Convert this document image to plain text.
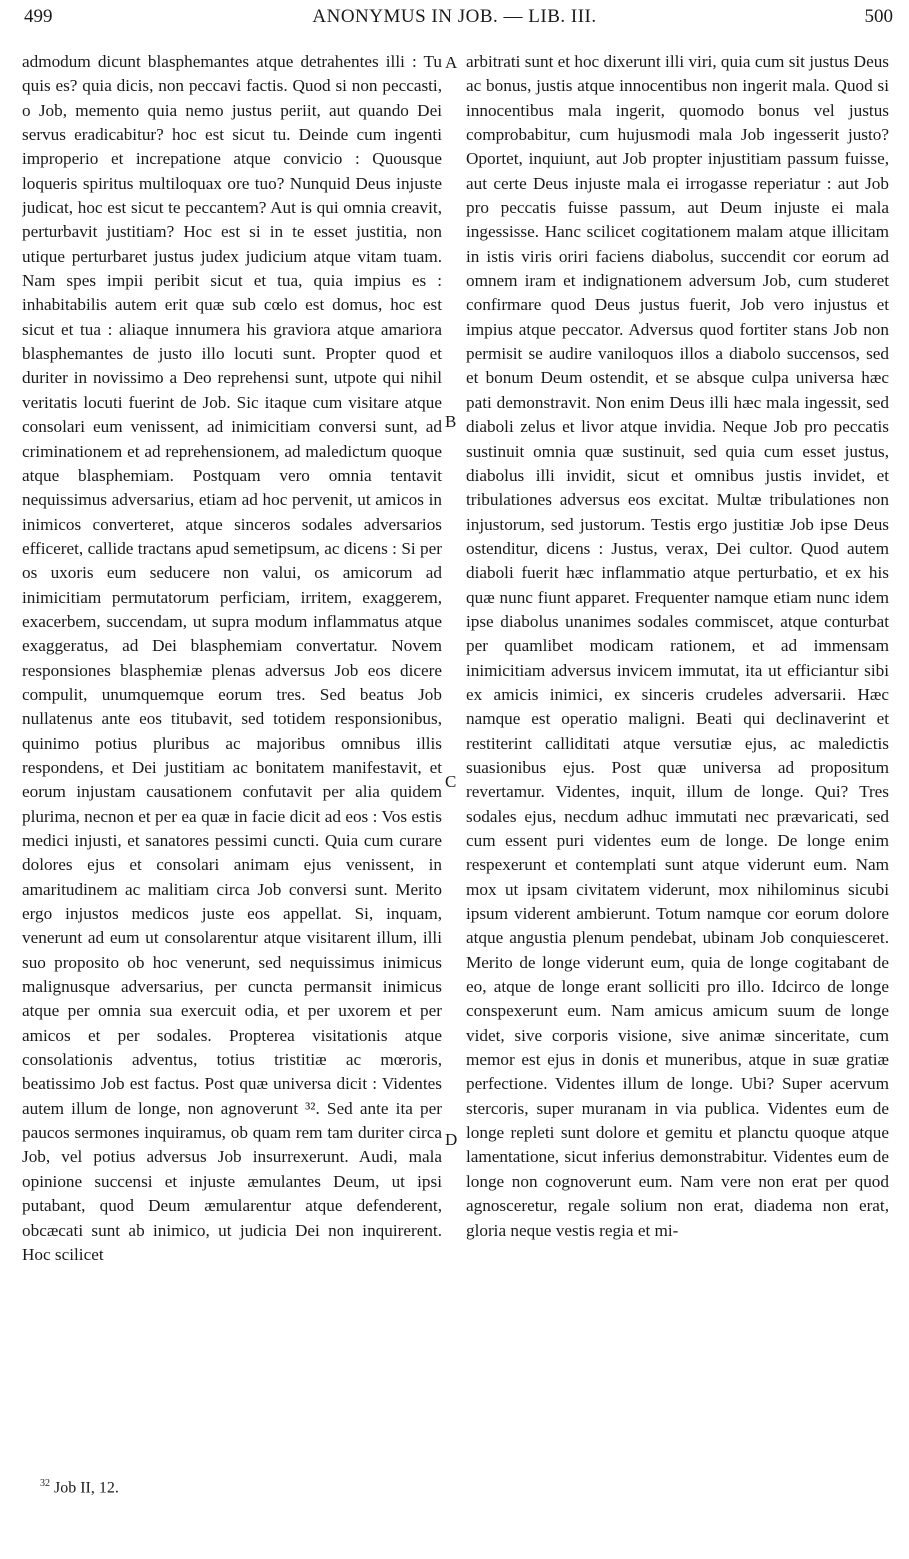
499	ANONYMUS IN JOB. — LIB. III.	500

admodum dicunt blasphemantes atque detrahentes illi : Tu quis es? quia dicis, non peccavi factis. Quod si non peccasti, o Job, memento quia nemo justus periit, aut quando Dei servus eradicabitur? hoc est sicut tu. Deinde cum ingenti improperio et increpatione atque convicio : Quousque loqueris spiritus multiloquax ore tuo? Nunquid Deus injuste judicat, hoc est sicut te peccantem? Aut is qui omnia creavit, perturbavit justitiam? Hoc est si in te esset justitia, non utique perturbaret justus judex judicium atque vitam tuam. Nam spes impii peribit sicut et tua, quia impius es : inhabitabilis autem erit quæ sub cœlo est domus, hoc est sicut et tua : aliaque innumera his graviora atque amariora blasphemantes de justo illo locuti sunt. Propter quod et duriter in novissimo a Deo reprehensi sunt, utpote qui nihil veritatis locuti fuerint de Job. Sic itaque cum visitare atque consolari eum venissent, ad inimicitiam conversi sunt, ad criminationem et ad reprehensionem, ad maledictum quoque atque blasphemiam. Postquam vero omnia tentavit nequissimus adversarius, etiam ad hoc pervenit, ut amicos in inimicos converteret, atque sinceros sodales adversarios efficeret, callide tractans apud semetipsum, ac dicens : Si per os uxoris eum seducere non valui, os amicorum ad inimicitiam permutatorum perficiam, irritem, exaggerem, exacerbem, succendam, ut supra modum inflammatus atque exaggeratus, ad Dei blasphemiam convertatur. Novem responsiones blasphemiæ plenas adversus Job eos dicere compulit, unumquemque eorum tres. Sed beatus Job nullatenus ante eos titubavit, sed totidem responsionibus, quinimo potius pluribus ac majoribus omnibus illis respondens, et Dei justitiam ac bonitatem manifestavit, et eorum injustam causationem confutavit per alia quidem plurima, necnon et per ea quæ in facie dicit ad eos : Vos estis medici injusti, et sanatores pessimi cuncti. Quia cum curare dolores ejus et consolari animam ejus venissent, in amaritudinem ac malitiam circa Job conversi sunt. Merito ergo injustos medicos juste eos appellat. Si, inquam, venerunt ad eum ut consolarentur atque visitarent illum, illi suo proposito ob hoc venerunt, sed nequissimus inimicus malignusque adversarius, per cuncta permansit inimicus atque per omnia sua exercuit odia, et per uxorem et per amicos et per sodales. Propterea visitationis atque consolationis adventus, totius tristitiæ ac mœroris, beatissimo Job est factus. Post quæ universa dicit : Videntes autem illum de longe, non agnoverunt ³². Sed ante ita per paucos sermones inquiramus, ob quam rem tam duriter circa Job, vel potius adversus Job insurrexerunt. Audi, mala opinione succensi et injuste æmulantes Deum, ut ipsi putabant, quod Deum æmularentur atque defenderent, obcæcati sunt ab inimico, ut judicia Dei non inquirerent. Hoc scilicet

A
B
C
D

arbitrati sunt et hoc dixerunt illi viri, quia cum sit justus Deus ac bonus, justis atque innocentibus non ingerit mala. Quod si innocentibus mala ingerit, quomodo bonus vel justus comprobabitur, cum hujusmodi mala Job ingesserit justo? Oportet, inquiunt, aut Job propter injustitiam passum fuisse, aut certe Deus injuste mala ei irrogasse reperiatur : aut Job pro peccatis fuisse passum, aut Deum injuste ei mala ingessisse. Hanc scilicet cogitationem malam atque illicitam in istis viris oriri faciens diabolus, succendit cor eorum ad omnem iram et indignationem adversum Job, cum studeret confirmare quod Deus justus fuerit, Job vero injustus et impius atque peccator. Adversus quod fortiter stans Job non permisit se audire vaniloquos illos a diabolo succensos, sed et bonum Deum ostendit, et se absque culpa universa hæc pati demonstravit. Non enim Deus illi hæc mala ingessit, sed diaboli zelus et livor atque invidia. Neque Job pro peccatis sustinuit omnia quæ sustinuit, sed quia cum esset justus, diabolus illi invidit, sicut et omnibus justis invidet, et tribulationes adversus eos excitat. Multæ tribulationes non injustorum, sed justorum. Testis ergo justitiæ Job ipse Deus ostenditur, dicens : Justus, verax, Dei cultor. Quod autem diaboli fuerit hæc inflammatio atque perturbatio, et ex his quæ nunc fiunt apparet. Frequenter namque etiam nunc idem ipse diabolus unanimes sodales commiscet, atque conturbat per quamlibet modicam rationem, et ad immensam inimicitiam adversus invicem immutat, ita ut efficiantur sibi ex amicis inimici, ex sinceris crudeles adversarii. Hæc namque est operatio maligni. Beati qui declinaverint et restiterint calliditati atque versutiæ ejus, ac maledictis suasionibus ejus. Post quæ universa ad propositum revertamur. Videntes, inquit, illum de longe. Qui? Tres sodales ejus, necdum adhuc immutati nec prævaricati, sed cum essent puri videntes eum de longe. De longe enim respexerunt et contemplati sunt atque viderunt eum. Nam mox ut ipsam civitatem viderunt, mox nihilominus sicubi ipsum viderent ambierunt. Totum namque cor eorum dolore atque angustia plenum pendebat, ubinam Job conquiesceret. Merito de longe viderunt eum, quia de longe cogitabant de eo, atque de longe erant solliciti pro illo. Idcirco de longe conspexerunt eum. Nam amicus amicum suum de longe videt, sive corporis visione, sive animæ sinceritate, cum memor est ejus in donis et muneribus, atque in suæ gratiæ perfectione. Videntes illum de longe. Ubi? Super acervum stercoris, super muranam in via publica. Videntes eum de longe repleti sunt dolore et gemitu et planctu quoque atque lamentatione, sicut inferius demonstrabitur. Videntes eum de longe non cognoverunt eum. Nam vere non erat per quod agnosceretur, regale solium non erat, diadema non erat, gloria neque vestis regia et mi-

$^{32}$ Job II, 12.
